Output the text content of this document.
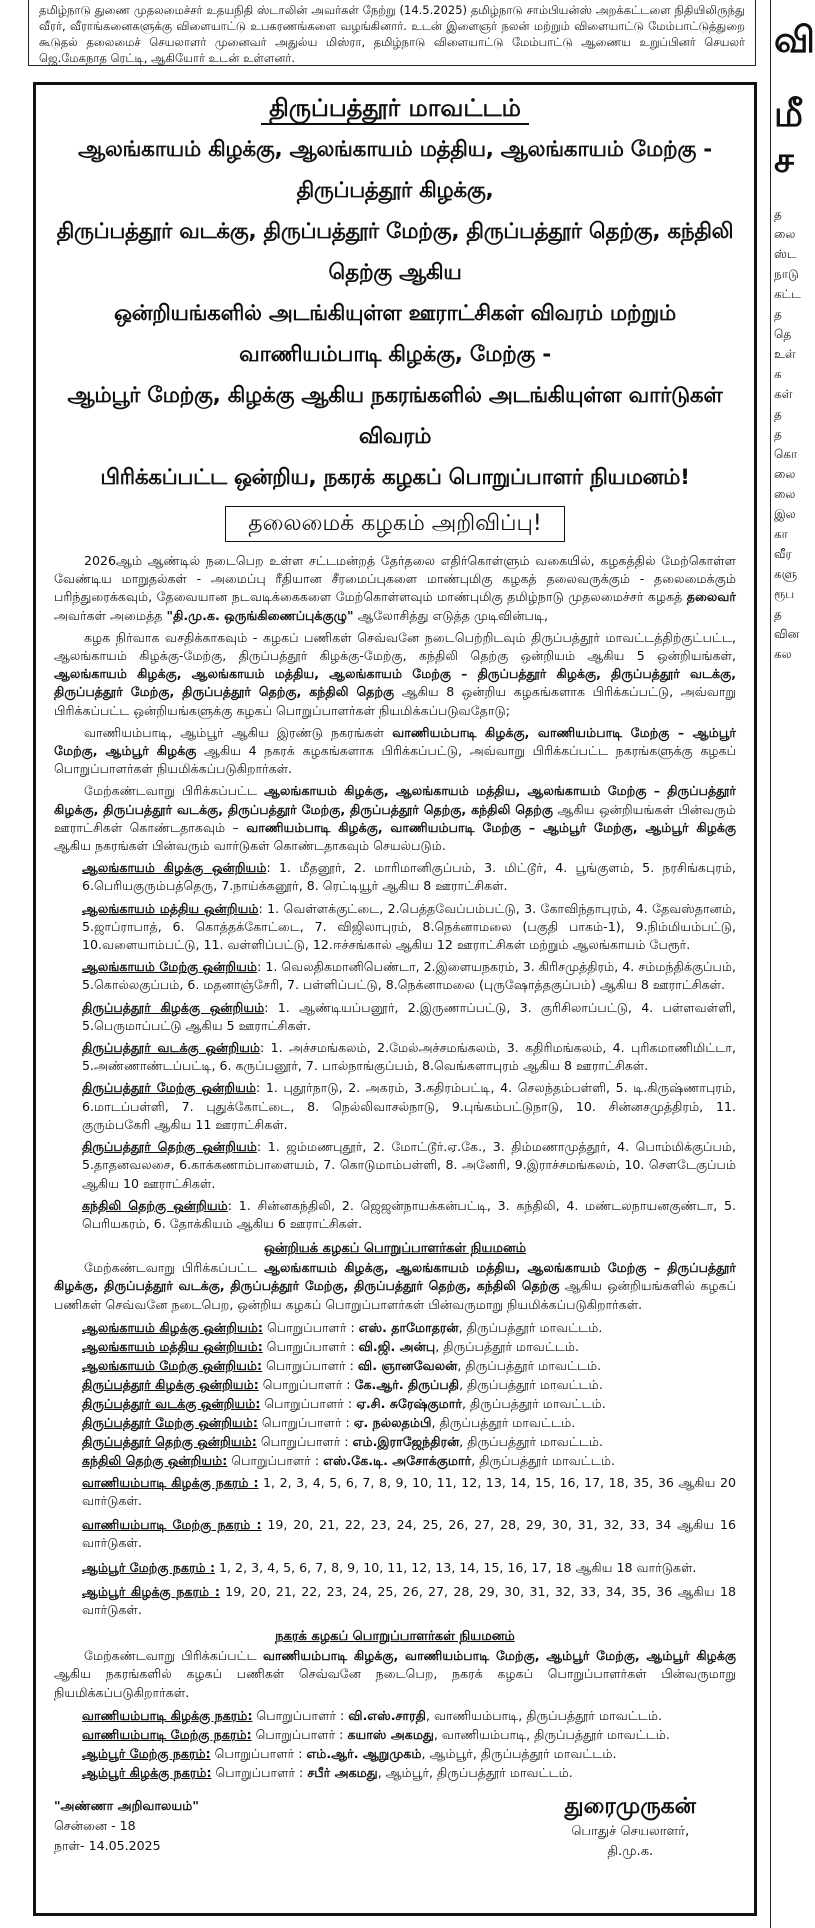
தமிழ்நாடு துணை முதலமைச்சர் உதயநிதி ஸ்டாலின் அவர்கள் நேற்று (14.5.2025) தமிழ்நாடு சாம்பியன்ஸ் அறக்கட்டளை நிதியிலிருந்து வீரர், வீராங்கனைகளுக்கு விளையாட்டு உபகரணங்களை வழங்கினார். உடன் இளைஞர் நலன் மற்றும் விளையாட்டு மேம்பாட்டுத்துறை கூடுதல் தலைமைச் செயலாளர் முனைவர் அதுல்ய மிஸ்ரா, தமிழ்நாடு விளையாட்டு மேம்பாட்டு ஆணைய உறுப்பினர் செயலர் ஜெ.மேகநாத ரெட்டி, ஆகியோர் உடன் உள்ளனர்.
திருப்பத்தூர் மாவட்டம்
ஆலங்காயம் கிழக்கு, ஆலங்காயம் மத்திய, ஆலங்காயம் மேற்கு - திருப்பத்தூர் கிழக்கு,
திருப்பத்தூர் வடக்கு, திருப்பத்தூர் மேற்கு, திருப்பத்தூர் தெற்கு, கந்திலி தெற்கு ஆகிய
ஒன்றியங்களில் அடங்கியுள்ள ஊராட்சிகள் விவரம் மற்றும் வாணியம்பாடி கிழக்கு, மேற்கு -
ஆம்பூர் மேற்கு, கிழக்கு ஆகிய நகரங்களில் அடங்கியுள்ள வார்டுகள் விவரம்
பிரிக்கப்பட்ட ஒன்றிய, நகரக் கழகப் பொறுப்பாளர் நியமனம்!
தலைமைக் கழகம் அறிவிப்பு!

2026ஆம் ஆண்டில் நடைபெற உள்ள சட்டமன்றத் தேர்தலை எதிர்கொள்ளும் வகையில், கழகத்தில் மேற்கொள்ள வேண்டிய மாறுதல்கள் - அமைப்பு ரீதியான சீரமைப்புகளை மாண்புமிகு கழகத் தலைவருக்கும் - தலைமைக்கும் பரிந்துரைக்கவும், தேவையான நடவடிக்கைகளை மேற்கொள்ளவும் மாண்புமிகு தமிழ்நாடு முதலமைச்சர் கழகத் தலைவர் அவர்கள் அமைத்த "தி.மு.க. ஒருங்கிணைப்புக்குழு" ஆலோசித்து எடுத்த முடிவின்படி,

கழக நிர்வாக வசதிக்காகவும் - கழகப் பணிகள் செவ்வனே நடைபெற்றிடவும் திருப்பத்தூர் மாவட்டத்திற்குட்பட்ட, ஆலங்காயம் கிழக்கு-மேற்கு, திருப்பத்தூர் கிழக்கு-மேற்கு, கந்திலி தெற்கு ஒன்றியம் ஆகிய 5 ஒன்றியங்கள், ஆலங்காயம் கிழக்கு, ஆலங்காயம் மத்திய, ஆலங்காயம் மேற்கு – திருப்பத்தூர் கிழக்கு, திருப்பத்தூர் வடக்கு, திருப்பத்தூர் மேற்கு, திருப்பத்தூர் தெற்கு, கந்திலி தெற்கு ஆகிய 8 ஒன்றிய கழகங்களாக பிரிக்கப்பட்டு, அவ்வாறு பிரிக்கப்பட்ட ஒன்றியங்களுக்கு கழகப் பொறுப்பாளர்கள் நியமிக்கப்படுவதோடு;

வாணியம்பாடி, ஆம்பூர் ஆகிய இரண்டு நகரங்கள் வாணியம்பாடி கிழக்கு, வாணியம்பாடி மேற்கு – ஆம்பூர் மேற்கு, ஆம்பூர் கிழக்கு ஆகிய 4 நகரக் கழகங்களாக பிரிக்கப்பட்டு, அவ்வாறு பிரிக்கப்பட்ட நகரங்களுக்கு கழகப் பொறுப்பாளர்கள் நியமிக்கப்படுகிறார்கள்.

மேற்கண்டவாறு பிரிக்கப்பட்ட ஆலங்காயம் கிழக்கு, ஆலங்காயம் மத்திய, ஆலங்காயம் மேற்கு – திருப்பத்தூர் கிழக்கு, திருப்பத்தூர் வடக்கு, திருப்பத்தூர் மேற்கு, திருப்பத்தூர் தெற்கு, கந்திலி தெற்கு ஆகிய ஒன்றியங்கள் பின்வரும் ஊராட்சிகள் கொண்டதாகவும் – வாணியம்பாடி கிழக்கு, வாணியம்பாடி மேற்கு – ஆம்பூர் மேற்கு, ஆம்பூர் கிழக்கு ஆகிய நகரங்கள் பின்வரும் வார்டுகள் கொண்டதாகவும் செயல்படும்.

ஆலங்காயம் கிழக்கு ஒன்றியம்: 1. மீதனூர், 2. மாரிமானிகுப்பம், 3. மிட்டூர், 4. பூங்குளம், 5. நரசிங்கபுரம், 6.பெரியகுரும்பத்தெரு, 7.நாய்க்கனூர், 8. ரெட்டியூர் ஆகிய 8 ஊராட்சிகள்.
ஆலங்காயம் மத்திய ஒன்றியம்: 1. வெள்ளக்குட்டை, 2.பெத்தவேப்பம்பட்டு, 3. கோவிந்தாபுரம், 4. தேவஸ்தானம், 5.ஜாப்ராபாத், 6. கொத்தக்கோட்டை, 7. விஜிலாபுரம், 8.நெக்னாமலை (பகுதி பாகம்-1), 9.நிம்மியம்பட்டு, 10.வளையாம்பட்டு, 11. வள்ளிப்பட்டு, 12.ஈச்சங்கால் ஆகிய 12 ஊராட்சிகள் மற்றும் ஆலங்காயம் பேரூர்.
ஆலங்காயம் மேற்கு ஒன்றியம்: 1. வெலதிகமானிபெண்டா, 2.இளையநகரம், 3. கிரிசமுத்திரம், 4. சம்மந்திக்குப்பம், 5.கொல்லகுப்பம், 6. மதனாஞ்சேரி, 7. பள்ளிப்பட்டு, 8.நெக்னாமலை (புருஷோத்தகுப்பம்) ஆகிய 8 ஊராட்சிகள்.
திருப்பத்தூர் கிழக்கு ஒன்றியம்: 1. ஆண்டியப்பனூர், 2.இருணாப்பட்டு, 3. குரிசிலாப்பட்டு, 4. பள்ளவள்ளி, 5.பெருமாப்பட்டு ஆகிய 5 ஊராட்சிகள்.
திருப்பத்தூர் வடக்கு ஒன்றியம்: 1. அச்சமங்கலம், 2.மேல்அச்சமங்கலம், 3. கதிரிமங்கலம், 4. புரிகமாணிமிட்டா, 5.அண்ணாண்டப்பட்டி, 6. கருப்பனூர், 7. பால்நாங்குப்பம், 8.வெங்களாபுரம் ஆகிய 8 ஊராட்சிகள்.
திருப்பத்தூர் மேற்கு ஒன்றியம்: 1. புதூர்நாடு, 2. அகரம், 3.கதிரம்பட்டி, 4. செலந்தம்பள்ளி, 5. டி.கிருஷ்ணாபுரம், 6.மாடப்பள்ளி, 7. புதுக்கோட்டை, 8. நெல்லிவாசல்நாடு, 9.புங்கம்பட்டுநாடு, 10. சின்னசமுத்திரம், 11. குரும்பகேரி ஆகிய 11 ஊராட்சிகள்.
திருப்பத்தூர் தெற்கு ஒன்றியம்: 1. ஜம்மணபுதூர், 2. மோட்டூர்.ஏ.கே., 3. திம்மணாமுத்தூர், 4. பொம்மிக்குப்பம், 5.தாதனவலசை, 6.காக்கணாம்பாளையம், 7. கொடுமாம்பள்ளி, 8. அனேரி, 9.இராச்சமங்கலம், 10. சௌடேகுப்பம் ஆகிய 10 ஊராட்சிகள்.
கந்திலி தெற்கு ஒன்றியம்: 1. சின்னகந்திலி, 2. ஜெஜன்நாயக்கன்பட்டி, 3. கந்திலி, 4. மண்டலநாயனகுண்டா, 5. பெரியகரம், 6. தோக்கியம் ஆகிய 6 ஊராட்சிகள்.
ஒன்றியக் கழகப் பொறுப்பாளர்கள் நியமனம்

மேற்கண்டவாறு பிரிக்கப்பட்ட ஆலங்காயம் கிழக்கு, ஆலங்காயம் மத்திய, ஆலங்காயம் மேற்கு – திருப்பத்தூர் கிழக்கு, திருப்பத்தூர் வடக்கு, திருப்பத்தூர் மேற்கு, திருப்பத்தூர் தெற்கு, கந்திலி தெற்கு ஆகிய ஒன்றியங்களில் கழகப் பணிகள் செவ்வனே நடைபெற, ஒன்றிய கழகப் பொறுப்பாளர்கள் பின்வருமாறு நியமிக்கப்படுகிறார்கள்.

ஆலங்காயம் கிழக்கு ஒன்றியம்: பொறுப்பாளர் : எஸ். தாமோதரன், திருப்பத்தூர் மாவட்டம்.
ஆலங்காயம் மத்திய ஒன்றியம்: பொறுப்பாளர் : வி.ஜி. அன்பு, திருப்பத்தூர் மாவட்டம்.
ஆலங்காயம் மேற்கு ஒன்றியம்: பொறுப்பாளர் : வி. ஞானவேலன், திருப்பத்தூர் மாவட்டம்.
திருப்பத்தூர் கிழக்கு ஒன்றியம்: பொறுப்பாளர் : கே.ஆர். திருப்பதி, திருப்பத்தூர் மாவட்டம்.
திருப்பத்தூர் வடக்கு ஒன்றியம்: பொறுப்பாளர் : ஏ.சி. சுரேஷ்குமார், திருப்பத்தூர் மாவட்டம்.
திருப்பத்தூர் மேற்கு ஒன்றியம்: பொறுப்பாளர் : ஏ. நல்லதம்பி, திருப்பத்தூர் மாவட்டம்.
திருப்பத்தூர் தெற்கு ஒன்றியம்: பொறுப்பாளர் : எம்.இராஜேந்திரன், திருப்பத்தூர் மாவட்டம்.
கந்திலி தெற்கு ஒன்றியம்: பொறுப்பாளர் : எஸ்.கே.டி. அசோக்குமார், திருப்பத்தூர் மாவட்டம்.
வாணியம்பாடி கிழக்கு நகரம் : 1, 2, 3, 4, 5, 6, 7, 8, 9, 10, 11, 12, 13, 14, 15, 16, 17, 18, 35, 36 ஆகிய 20 வார்டுகள்.
வாணியம்பாடி மேற்கு நகரம் : 19, 20, 21, 22, 23, 24, 25, 26, 27, 28, 29, 30, 31, 32, 33, 34 ஆகிய 16 வார்டுகள்.
ஆம்பூர் மேற்கு நகரம் : 1, 2, 3, 4, 5, 6, 7, 8, 9, 10, 11, 12, 13, 14, 15, 16, 17, 18 ஆகிய 18 வார்டுகள்.
ஆம்பூர் கிழக்கு நகரம் : 19, 20, 21, 22, 23, 24, 25, 26, 27, 28, 29, 30, 31, 32, 33, 34, 35, 36 ஆகிய 18 வார்டுகள்.
நகரக் கழகப் பொறுப்பாளர்கள் நியமனம்

மேற்கண்டவாறு பிரிக்கப்பட்ட வாணியம்பாடி கிழக்கு, வாணியம்பாடி மேற்கு, ஆம்பூர் மேற்கு, ஆம்பூர் கிழக்கு ஆகிய நகரங்களில் கழகப் பணிகள் செவ்வனே நடைபெற, நகரக் கழகப் பொறுப்பாளர்கள் பின்வருமாறு நியமிக்கப்படுகிறார்கள்.

வாணியம்பாடி கிழக்கு நகரம்: பொறுப்பாளர் : வி.எஸ்.சாரதி, வாணியம்பாடி, திருப்பத்தூர் மாவட்டம்.
வாணியம்பாடி மேற்கு நகரம்: பொறுப்பாளர் : கயாஸ் அகமது, வாணியம்பாடி, திருப்பத்தூர் மாவட்டம்.
ஆம்பூர் மேற்கு நகரம்: பொறுப்பாளர் : எம்.ஆர். ஆறுமுகம், ஆம்பூர், திருப்பத்தூர் மாவட்டம்.
ஆம்பூர் கிழக்கு நகரம்: பொறுப்பாளர் : சபீர் அகமது, ஆம்பூர், திருப்பத்தூர் மாவட்டம்.
"அண்ணா அறிவாலயம்"
சென்னை - 18
நாள்- 14.05.2025
துரைமுருகன்
பொதுச் செயலாளர்,
தி.மு.க.
வி
மீ
ச
த
லை
ஸ்ட
நாடு
கட்ட
த
தெ
உள்
க
கள்
த
த
கொ
லை
லை
இல
கா
வீர
களு
ரூப
த
வின
கல
